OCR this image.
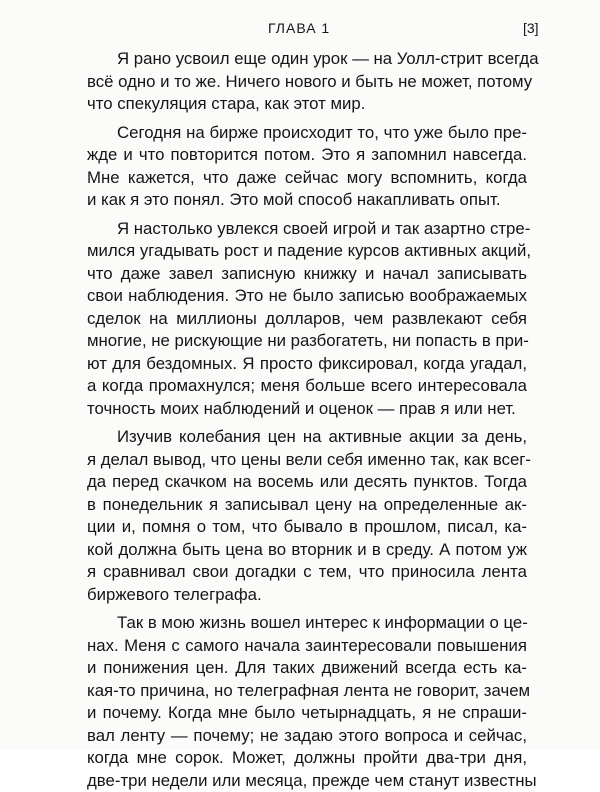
ГЛАВА 1	[3]
Я рано усвоил еще один урок — на Уолл-стрит всегда
всё одно и то же. Ничего нового и быть не может, потому
что спекуляция стара, как этот мир.
Сегодня на бирже происходит то, что уже было пре-
жде и что повторится потом. Это я запомнил навсегда.
Мне кажется, что даже сейчас могу вспомнить, когда
и как я это понял. Это мой способ накапливать опыт.
Я настолько увлекся своей игрой и так азартно стре-
мился угадывать рост и падение курсов активных акций,
что даже завел записную книжку и начал записывать
свои наблюдения. Это не было записью воображаемых
сделок на миллионы долларов, чем развлекают себя
многие, не рискующие ни разбогатеть, ни попасть в при-
ют для бездомных. Я просто фиксировал, когда угадал,
а когда промахнулся; меня больше всего интересовала
точность моих наблюдений и оценок — прав я или нет.
Изучив колебания цен на активные акции за день,
я делал вывод, что цены вели себя именно так, как всег-
да перед скачком на восемь или десять пунктов. Тогда
в понедельник я записывал цену на определенные ак-
ции и, помня о том, что бывало в прошлом, писал, ка-
кой должна быть цена во вторник и в среду. А потом уж
я сравнивал свои догадки с тем, что приносила лента
биржевого телеграфа.
Так в мою жизнь вошел интерес к информации о це-
нах. Меня с самого начала заинтересовали повышения
и понижения цен. Для таких движений всегда есть ка-
кая-то причина, но телеграфная лента не говорит, зачем
и почему. Когда мне было четырнадцать, я не спраши-
вал ленту — почему; не задаю этого вопроса и сейчас,
когда мне сорок. Может, должны пройти два-три дня,
две-три недели или месяца, прежде чем станут известны
